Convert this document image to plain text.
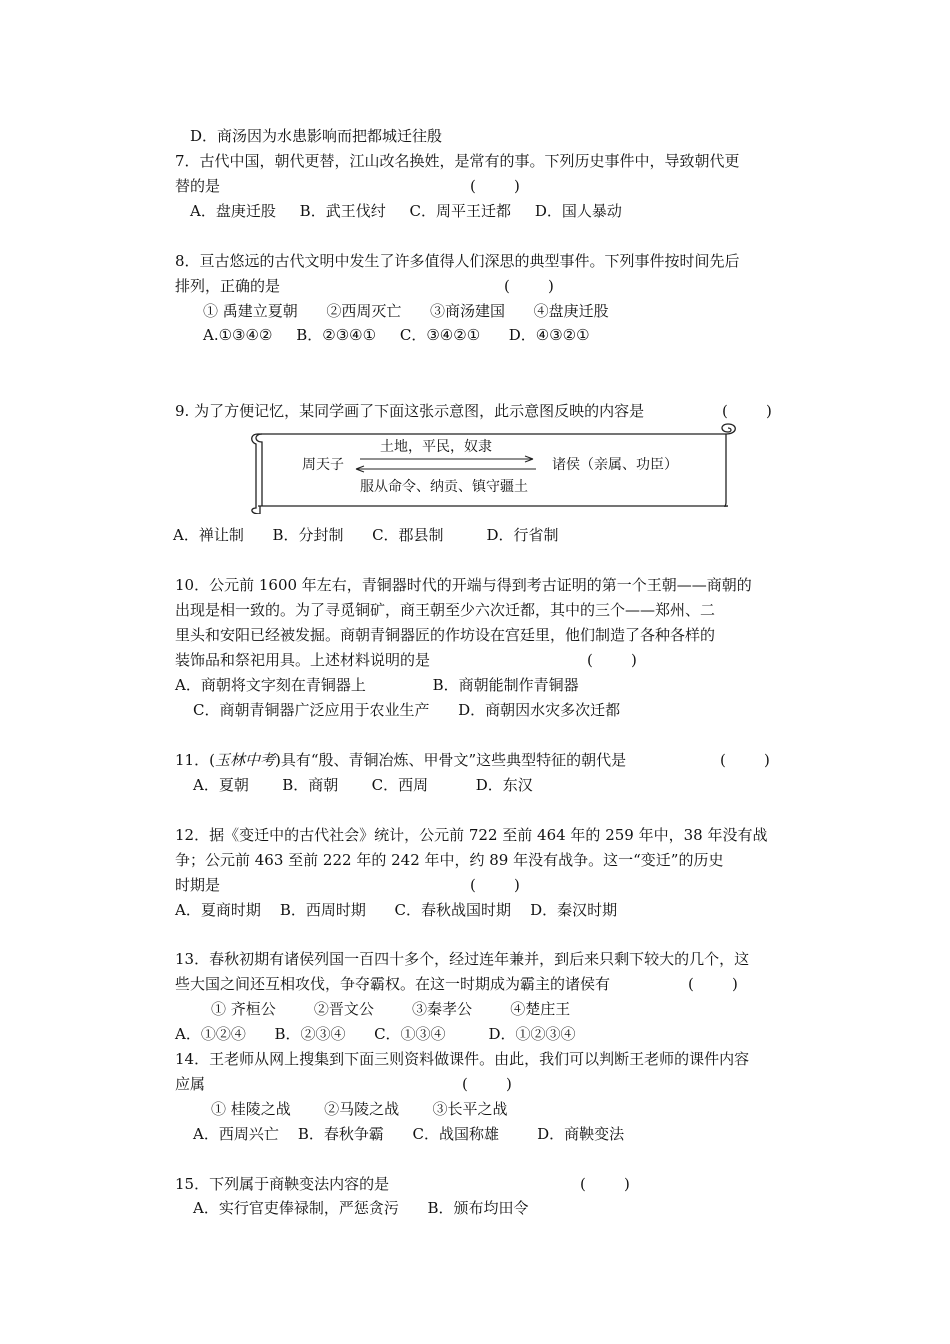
D．商汤因为水患影响而把都城迁往殷
7．古代中国，朝代更替，江山改名换姓，是常有的事。下列历史事件中，导致朝代更
替的是	(        )
A．盘庚迁股     B．武王伐纣     C．周平王迁都     D．国人暴动
8．亘古悠远的古代文明中发生了许多值得人们深思的典型事件。下列事件按时间先后
排列，正确的是	(        )
① 禹建立夏朝      ②西周灭亡      ③商汤建国      ④盘庚迁股
A.①③④②     B．②③④①     C．③④②①      D．④③②①
9. 为了方便记忆，某同学画了下面这张示意图，此示意图反映的内容是	(        )
土地，平民，奴隶
周天子	诸侯（亲属、功臣）
服从命令、纳贡、镇守疆土
A．禅让制      B．分封制      C．郡县制         D．行省制
10．公元前 1600 年左右，青铜器时代的开端与得到考古证明的第一个王朝——商朝的
出现是相一致的。为了寻觅铜矿，商王朝至少六次迁都，其中的三个——郑州、二
里头和安阳已经被发掘。商朝青铜器匠的作坊设在宫廷里，他们制造了各种各样的
装饰品和祭祀用具。上述材料说明的是	(        )
A．商朝将文字刻在青铜器上              B．商朝能制作青铜器
C．商朝青铜器广泛应用于农业生产      D．商朝因水灾多次迁都
11．(玉林中考)具有“殷、青铜冶炼、甲骨文”这些典型特征的朝代是	(        )
A．夏朝       B．商朝       C．西周          D．东汉
12．据《变迁中的古代社会》统计，公元前 722 至前 464 年的 259 年中，38 年没有战
争；公元前 463 至前 222 年的 242 年中，约 89 年没有战争。这一“变迁”的历史
时期是	(        )
A．夏商时期    B．西周时期      C．春秋战国时期    D．秦汉时期
13．春秋初期有诸侯列国一百四十多个，经过连年兼并，到后来只剩下较大的几个，这
些大国之间还互相攻伐，争夺霸权。在这一时期成为霸主的诸侯有	(        )
① 齐桓公        ②晋文公        ③秦孝公        ④楚庄王
A．①②④      B．②③④      C．①③④         D．①②③④
14．王老师从网上搜集到下面三则资料做课件。由此，我们可以判断王老师的课件内容
应属	(        )
① 桂陵之战       ②马陵之战       ③长平之战
A．西周兴亡    B．春秋争霸      C．战国称雄        D．商鞅变法
15．下列属于商鞅变法内容的是	(        )
A．实行官吏俸禄制，严惩贪污      B．颁布均田令
